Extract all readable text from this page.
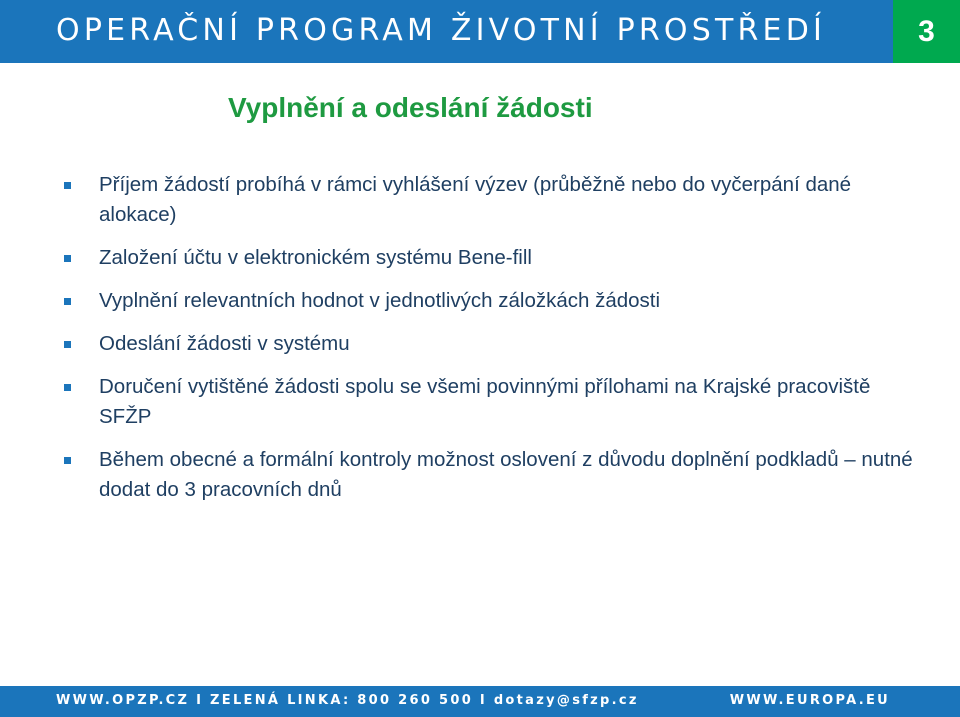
OPERAČNÍ PROGRAM ŽIVOTNÍ PROSTŘEDÍ	3
Vyplnění a odeslání žádosti
Příjem žádostí probíhá v rámci vyhlášení výzev (průběžně nebo do vyčerpání dané alokace)
Založení účtu v elektronickém systému Bene-fill
Vyplnění relevantních hodnot v jednotlivých záložkách žádosti
Odeslání žádosti v systému
Doručení vytištěné žádosti spolu se všemi povinnými přílohami na Krajské pracoviště SFŽP
Během obecné a formální kontroly možnost oslovení z důvodu doplnění podkladů – nutné dodat do 3 pracovních dnů
WWW.OPZP.CZ I ZELENÁ LINKA: 800 260 500 I dotazy@sfzp.cz	WWW.EUROPA.EU
